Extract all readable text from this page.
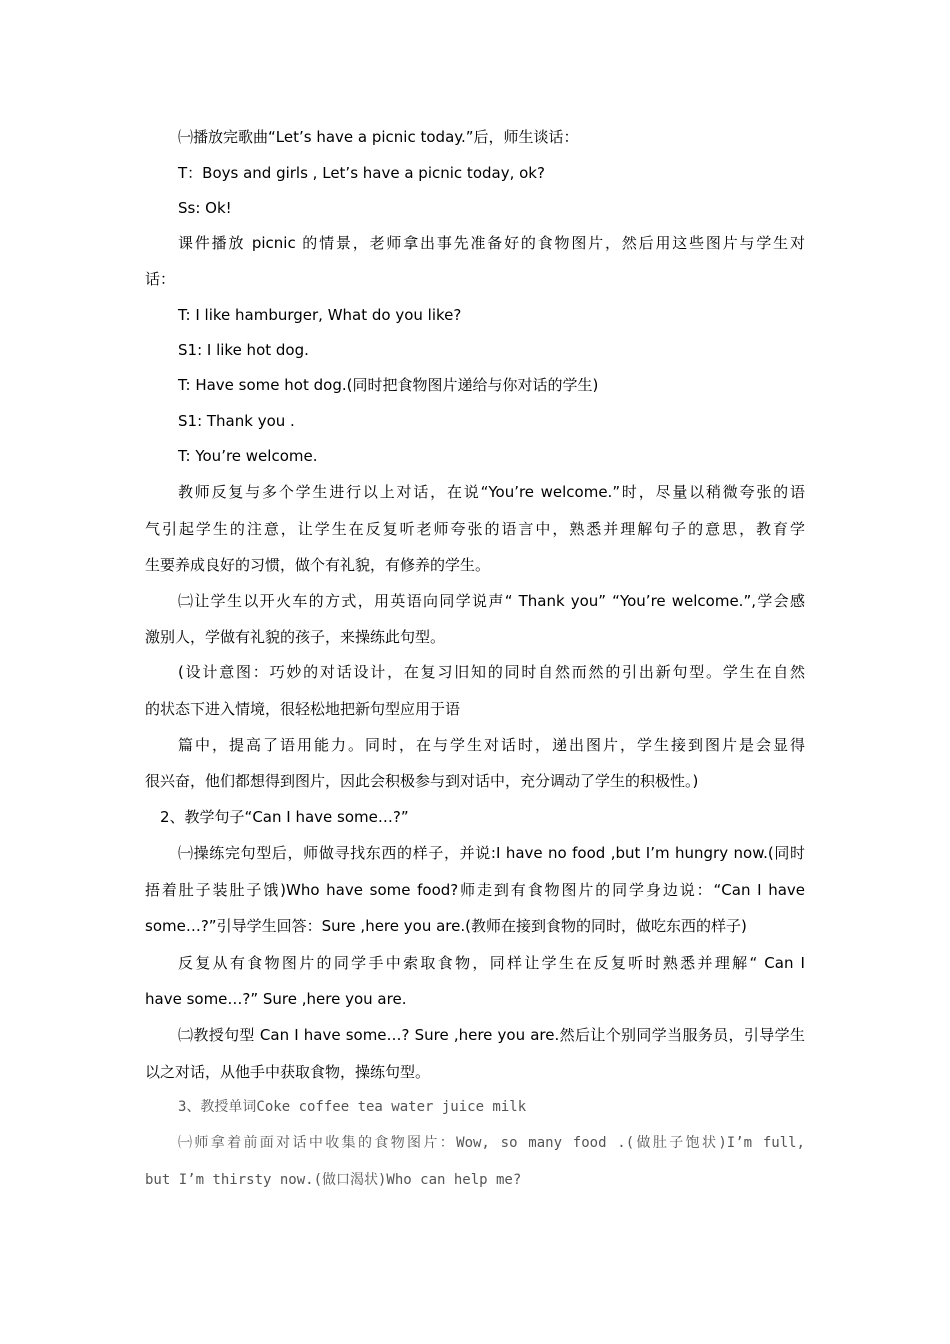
㈠播放完歌曲“Let’s have a picnic today.”后，师生谈话：
T：Boys and girls , Let’s have a picnic today, ok?
Ss: Ok!
课件播放 picnic 的情景，老师拿出事先准备好的食物图片，然后用这些图片与学生对
话：
T: I like hamburger, What do you like?
S1: I like hot dog.
T: Have some hot dog.(同时把食物图片递给与你对话的学生)
S1: Thank you .
T: You’re welcome.
教师反复与多个学生进行以上对话，在说“You’re welcome.”时，尽量以稍微夸张的语
气引起学生的注意，让学生在反复听老师夸张的语言中，熟悉并理解句子的意思，教育学
生要养成良好的习惯，做个有礼貌，有修养的学生。
㈡让学生以开火车的方式，用英语向同学说声“ Thank you” “You’re welcome.”,学会感
激别人，学做有礼貌的孩子，来操练此句型。
(设计意图：巧妙的对话设计，在复习旧知的同时自然而然的引出新句型。学生在自然
的状态下进入情境，很轻松地把新句型应用于语
篇中，提高了语用能力。同时，在与学生对话时，递出图片，学生接到图片是会显得
很兴奋，他们都想得到图片，因此会积极参与到对话中，充分调动了学生的积极性。)
2、教学句子“Can I have some…?”
㈠操练完句型后，师做寻找东西的样子，并说:I have no food ,but I’m hungry now.(同时
捂着肚子装肚子饿)Who have some food?师走到有食物图片的同学身边说：“Can I have
some…?”引导学生回答：Sure ,here you are.(教师在接到食物的同时，做吃东西的样子)
反复从有食物图片的同学手中索取食物，同样让学生在反复听时熟悉并理解“ Can I
have some…?” Sure ,here you are.
㈡教授句型 Can I have some…? Sure ,here you are.然后让个别同学当服务员，引导学生
以之对话，从他手中获取食物，操练句型。
3、教授单词Coke coffee tea water juice milk
㈠师拿着前面对话中收集的食物图片：Wow, so many food .(做肚子饱状)I’m full,
but I’m thirsty now.(做口渴状)Who can help me?
